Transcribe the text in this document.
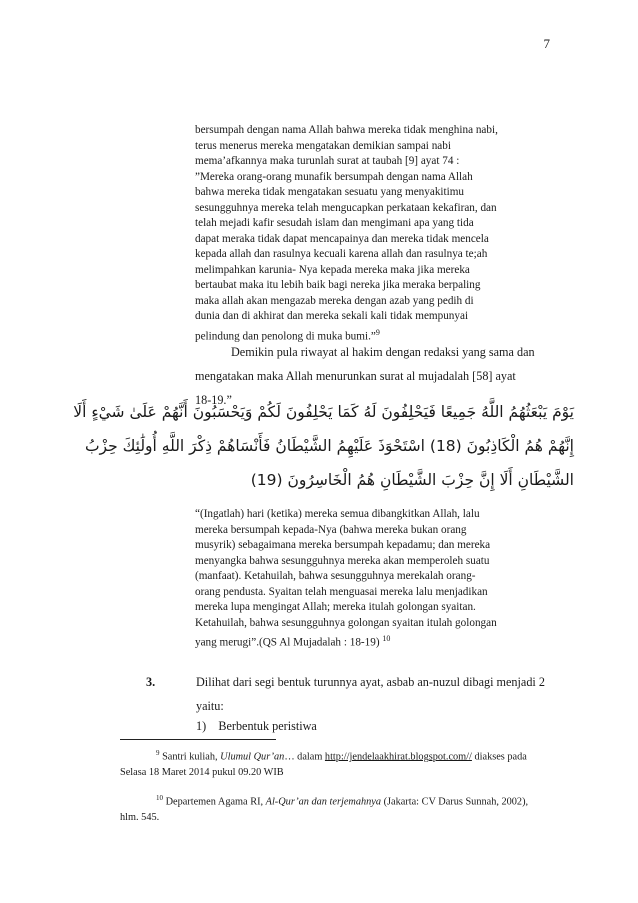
7

bersumpah dengan nama Allah bahwa mereka tidak menghina nabi,

terus menerus mereka mengatakan demikian sampai nabi

mema’afkannya maka turunlah surat at taubah [9] ayat 74 :

”Mereka orang-orang munafik bersumpah dengan nama Allah

bahwa mereka tidak mengatakan sesuatu yang menyakitimu

sesungguhnya mereka telah mengucapkan perkataan kekafiran, dan

telah mejadi kafir sesudah islam dan mengimani apa yang tida

dapat meraka tidak dapat mencapainya dan mereka tidak mencela

kepada allah dan rasulnya kecuali karena allah dan rasulnya te;ah

melimpahkan karunia- Nya kepada mereka maka jika mereka

bertaubat maka itu lebih baik bagi nereka jika meraka berpaling

maka allah akan mengazab mereka dengan azab yang pedih di

dunia dan di akhirat dan mereka sekali kali tidak mempunyai

pelindung dan penolong di muka bumi.”$^9$

Demikin pula riwayat al hakim dengan redaksi yang sama dan

mengatakan maka Allah menurunkan surat al mujadalah [58] ayat

18-19.”

يَوْمَ يَبْعَثُهُمُ اللَّهُ جَمِيعًا فَيَحْلِفُونَ لَهُ كَمَا يَحْلِفُونَ لَكُمْ وَيَحْسَبُونَ أَنَّهُمْ عَلَىٰ شَيْءٍ أَلَا
إِنَّهُمْ هُمُ الْكَاذِبُونَ (18) اسْتَحْوَذَ عَلَيْهِمُ الشَّيْطَانُ فَأَنْسَاهُمْ ذِكْرَ اللَّهِ أُولَٰئِكَ حِزْبُ
الشَّيْطَانِ أَلَا إِنَّ حِزْبَ الشَّيْطَانِ هُمُ الْخَاسِرُونَ (19)

“(Ingatlah) hari (ketika) mereka semua dibangkitkan Allah, lalu

mereka bersumpah kepada-Nya (bahwa mereka bukan orang

musyrik) sebagaimana mereka bersumpah kepadamu; dan mereka

menyangka bahwa sesungguhnya mereka akan memperoleh suatu

(manfaat). Ketahuilah, bahwa sesungguhnya merekalah orang-

orang pendusta. Syaitan telah menguasai mereka lalu menjadikan

mereka lupa mengingat Allah; mereka itulah golongan syaitan.

Ketahuilah, bahwa sesungguhnya golongan syaitan itulah golongan

yang merugi”.(QS Al Mujadalah : 18-19) $^{10}$

3.	Dilihat dari segi bentuk turunnya ayat, asbab an-nuzul dibagi menjadi 2
yaitu:
1) Berbentuk peristiwa
$^9$ Santri kuliah, Ulumul Qur’an… dalam http://jendelaakhirat.blogspot.com// diakses pada
Selasa 18 Maret 2014 pukul 09.20 WIB
$^{10}$ Departemen Agama RI, Al-Qur’an dan terjemahnya (Jakarta: CV Darus Sunnah, 2002),
hlm. 545.
